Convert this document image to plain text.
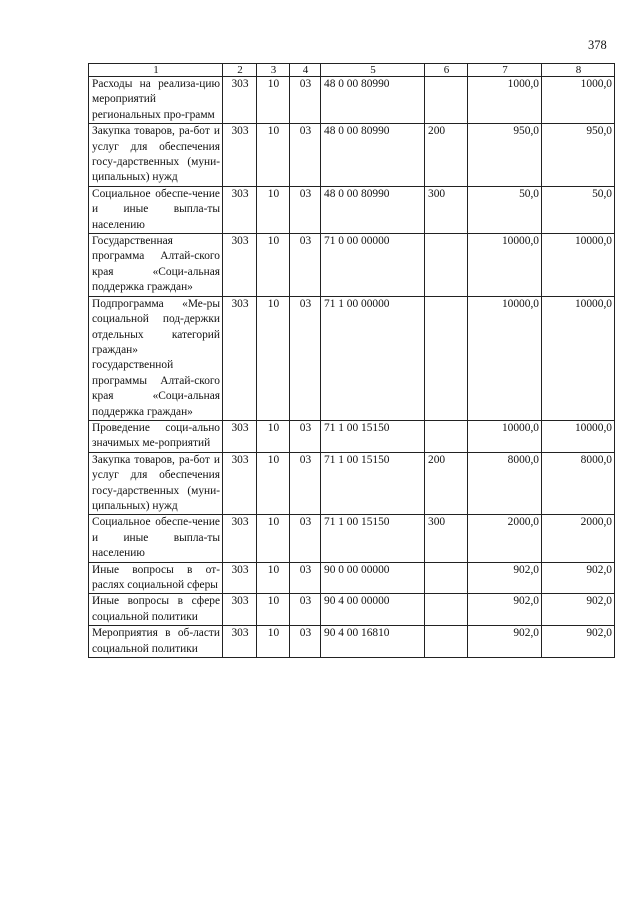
378
1	2	3	4	5	6	7	8
Расходы на реализа-цию мероприятий региональных про-грамм	303	10	03	48 0 00 80990		1000,0	1000,0
Закупка товаров, ра-бот и услуг для обеспечения госу-дарственных (муни-ципальных) нужд	303	10	03	48 0 00 80990	200	950,0	950,0
Социальное обеспе-чение и иные выпла-ты населению	303	10	03	48 0 00 80990	300	50,0	50,0
Государственная программа Алтай-ского края «Соци-альная поддержка граждан»	303	10	03	71 0 00 00000		10000,0	10000,0
Подпрограмма «Ме-ры социальной под-держки отдельных категорий граждан» государственной программы Алтай-ского края «Соци-альная поддержка граждан»	303	10	03	71 1 00 00000		10000,0	10000,0
Проведение соци-ально значимых ме-роприятий	303	10	03	71 1 00 15150		10000,0	10000,0
Закупка товаров, ра-бот и услуг для обеспечения госу-дарственных (муни-ципальных) нужд	303	10	03	71 1 00 15150	200	8000,0	8000,0
Социальное обеспе-чение и иные выпла-ты населению	303	10	03	71 1 00 15150	300	2000,0	2000,0
Иные вопросы в от-раслях социальной сферы	303	10	03	90 0 00 00000		902,0	902,0
Иные вопросы в сфере социальной политики	303	10	03	90 4 00 00000		902,0	902,0
Мероприятия в об-ласти социальной политики	303	10	03	90 4 00 16810		902,0	902,0
